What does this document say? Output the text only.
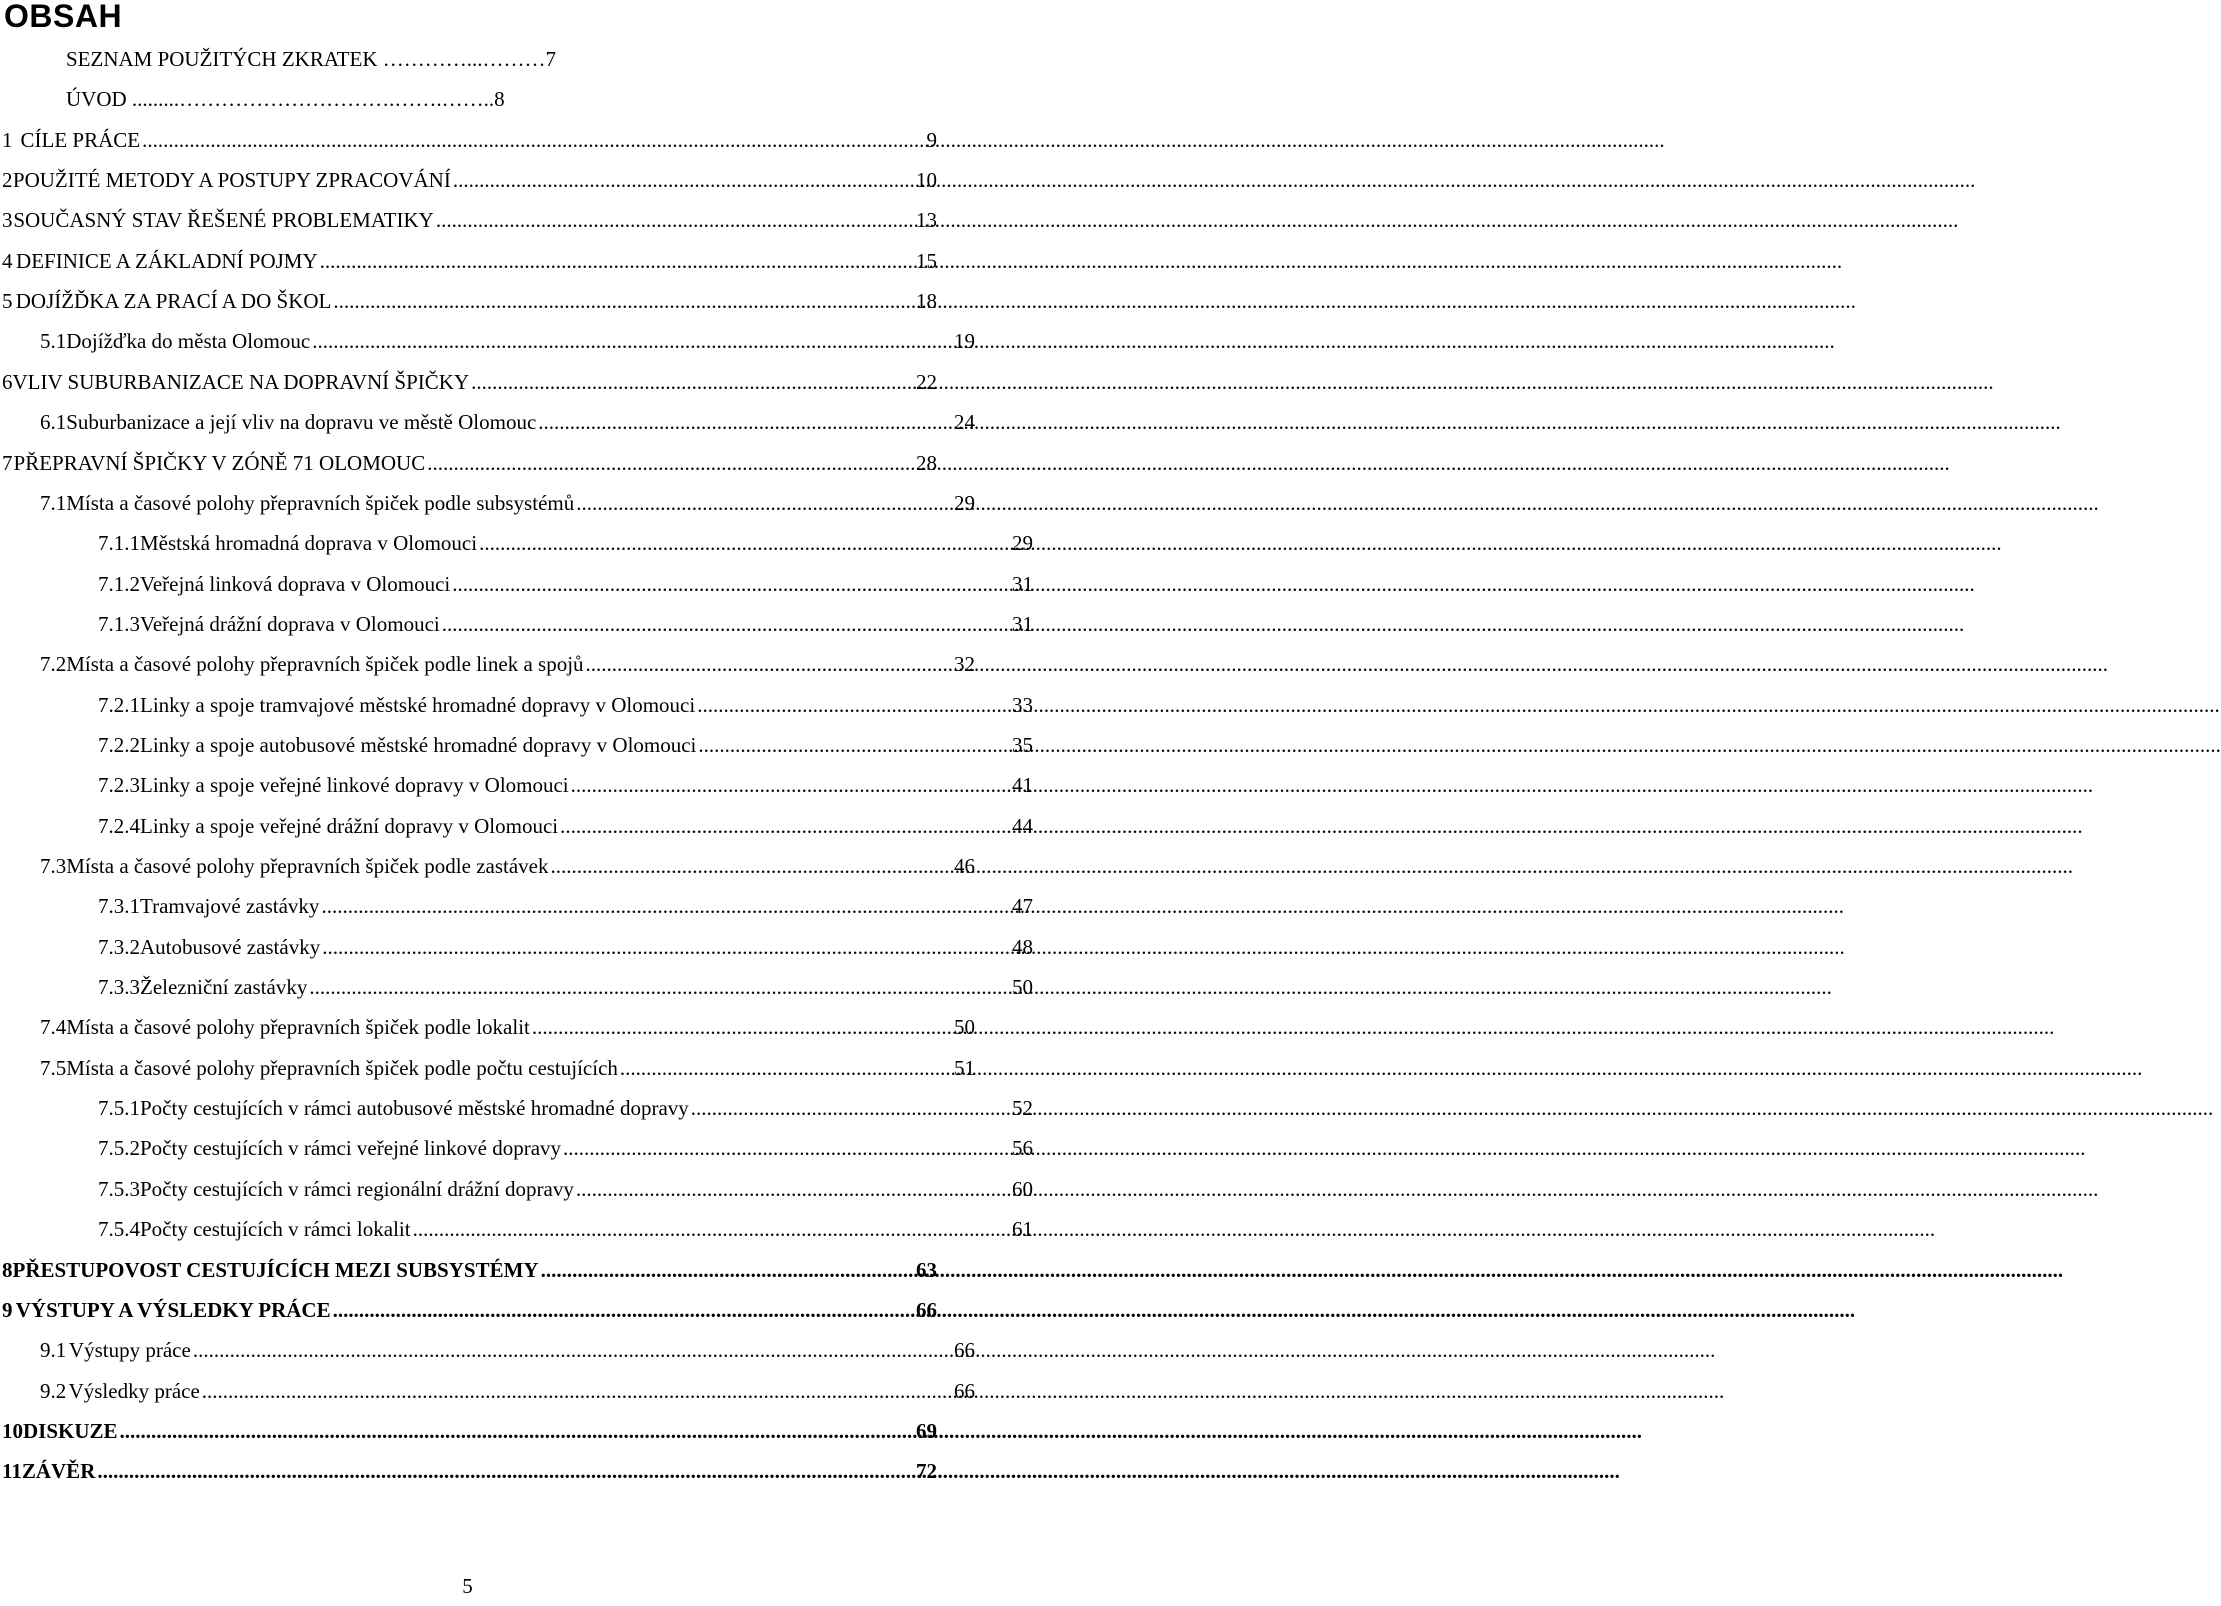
OBSAH
SEZNAM POUŽITÝCH ZKRATEK …………...………7
ÚVOD .........………………………….…….……..8
1 CÍLE PRÁCE .....	9
2 POUŽITÉ METODY A POSTUPY ZPRACOVÁNÍ .....	10
3 SOUČASNÝ STAV ŘEŠENÉ PROBLEMATIKY .....	13
4 DEFINICE A ZÁKLADNÍ POJMY .....	15
5 DOJÍŽĎKA ZA PRACÍ A DO ŠKOL .....	18
5.1 Dojížďka do města Olomouc .....	19
6 VLIV SUBURBANIZACE NA DOPRAVNÍ ŠPIČKY .....	22
6.1 Suburbanizace a její vliv na dopravu ve městě Olomouc .....	24
7 PŘEPRAVNÍ ŠPIČKY V ZÓNĚ 71 OLOMOUC .....	28
7.1 Místa a časové polohy přepravních špiček podle subsystémů .....	29
7.1.1 Městská hromadná doprava v Olomouci .....	29
7.1.2 Veřejná linková doprava v Olomouci .....	31
7.1.3 Veřejná drážní doprava v Olomouci .....	31
7.2 Místa a časové polohy přepravních špiček podle linek a spojů .....	32
7.2.1 Linky a spoje tramvajové městské hromadné dopravy v Olomouci .....	33
7.2.2 Linky a spoje autobusové městské hromadné dopravy v Olomouci .....	35
7.2.3 Linky a spoje veřejné linkové dopravy v Olomouci .....	41
7.2.4 Linky a spoje veřejné drážní dopravy v Olomouci .....	44
7.3 Místa a časové polohy přepravních špiček podle zastávek .....	46
7.3.1 Tramvajové zastávky .....	47
7.3.2 Autobusové zastávky .....	48
7.3.3 Železniční zastávky .....	50
7.4 Místa a časové polohy přepravních špiček podle lokalit .....	50
7.5 Místa a časové polohy přepravních špiček podle počtu cestujících .....	51
7.5.1 Počty cestujících v rámci autobusové městské hromadné dopravy .....	52
7.5.2 Počty cestujících v rámci veřejné linkové dopravy .....	56
7.5.3 Počty cestujících v rámci regionální drážní dopravy .....	60
7.5.4 Počty cestujících v rámci lokalit .....	61
8 PŘESTUPOVOST CESTUJÍCÍCH MEZI SUBSYSTÉMY .....	63
9 VÝSTUPY A VÝSLEDKY PRÁCE .....	66
9.1 Výstupy práce .....	66
9.2 Výsledky práce .....	66
10 DISKUZE .....	69
11 ZÁVĚR .....	72
5
